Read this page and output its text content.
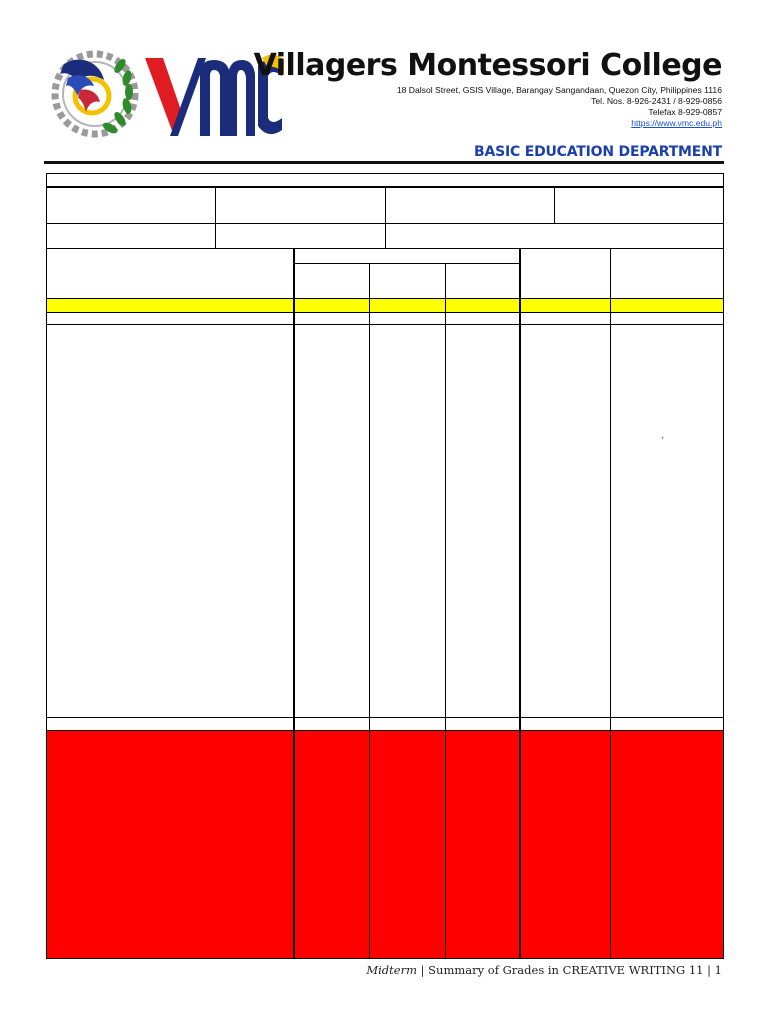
Villagers Montessori College
18 Dalsol Street, GSIS Village, Barangay Sangandaan, Quezon City, Philippines 1116
Tel. Nos. 8-926-2431 / 8-929-0856
Telefax 8-929-0857
https://www.vmc.edu.ph
BASIC EDUCATION DEPARTMENT
,
Midterm | Summary of Grades in CREATIVE WRITING 11 | 1
